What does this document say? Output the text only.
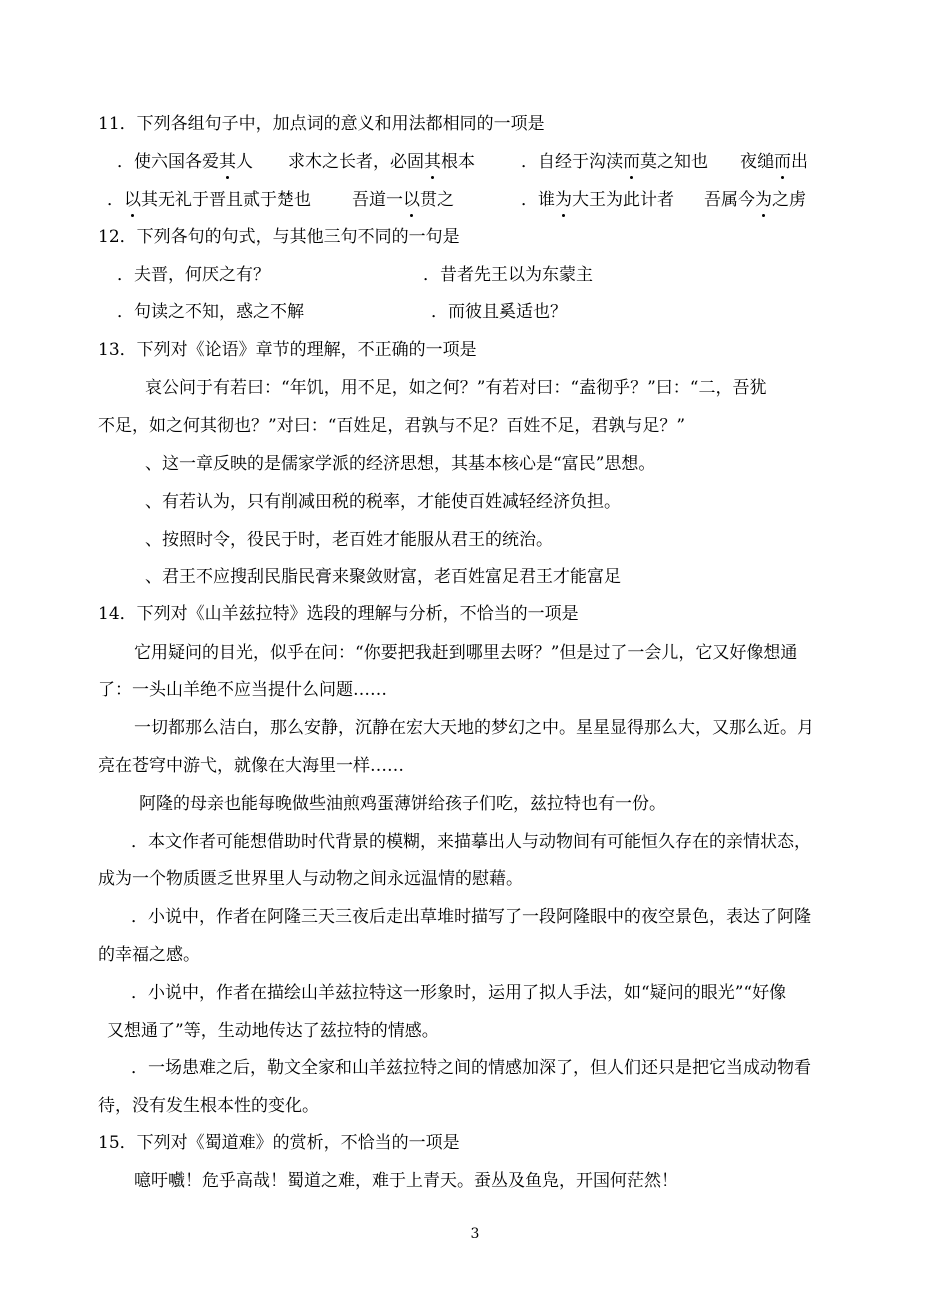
11．下列各组句子中，加点词的意义和用法都相同的一项是
．使六国各爱其人 求木之长者，必固其根本	．自经于沟渎而莫之知也 夜缒而出
．以其无礼于晋且贰于楚也 吾道一以贯之	．谁为大王为此计者 吾属今为之虏
12．下列各句的句式，与其他三句不同的一句是
．夫晋，何厌之有？	．昔者先王以为东蒙主
．句读之不知，惑之不解	．而彼且奚适也？
13．下列对《论语》章节的理解，不正确的一项是
哀公问于有若曰：“年饥，用不足，如之何？”有若对曰：“盍彻乎？”曰：“二，吾犹
不足，如之何其彻也？”对曰：“百姓足，君孰与不足？百姓不足，君孰与足？”
、这一章反映的是儒家学派的经济思想，其基本核心是“富民”思想。
、有若认为，只有削减田税的税率，才能使百姓减轻经济负担。
、按照时令，役民于时，老百姓才能服从君王的统治。
、君王不应搜刮民脂民膏来聚敛财富，老百姓富足君王才能富足
14．下列对《山羊兹拉特》选段的理解与分析，不恰当的一项是
它用疑问的目光，似乎在问：“你要把我赶到哪里去呀？”但是过了一会儿，它又好像想通
了：一头山羊绝不应当提什么问题……
一切都那么洁白，那么安静，沉静在宏大天地的梦幻之中。星星显得那么大，又那么近。月
亮在苍穹中游弋，就像在大海里一样……
阿隆的母亲也能每晚做些油煎鸡蛋薄饼给孩子们吃，兹拉特也有一份。
．本文作者可能想借助时代背景的模糊，来描摹出人与动物间有可能恒久存在的亲情状态，
成为一个物质匮乏世界里人与动物之间永远温情的慰藉。
．小说中，作者在阿隆三天三夜后走出草堆时描写了一段阿隆眼中的夜空景色，表达了阿隆
的幸福之感。
．小说中，作者在描绘山羊兹拉特这一形象时，运用了拟人手法，如“疑问的眼光”“好像
又想通了”等，生动地传达了兹拉特的情感。
．一场患难之后，勒文全家和山羊兹拉特之间的情感加深了，但人们还只是把它当成动物看
待，没有发生根本性的变化。
15．下列对《蜀道难》的赏析，不恰当的一项是
噫吁嚱！危乎高哉！蜀道之难，难于上青天。蚕丛及鱼凫，开国何茫然！
3
